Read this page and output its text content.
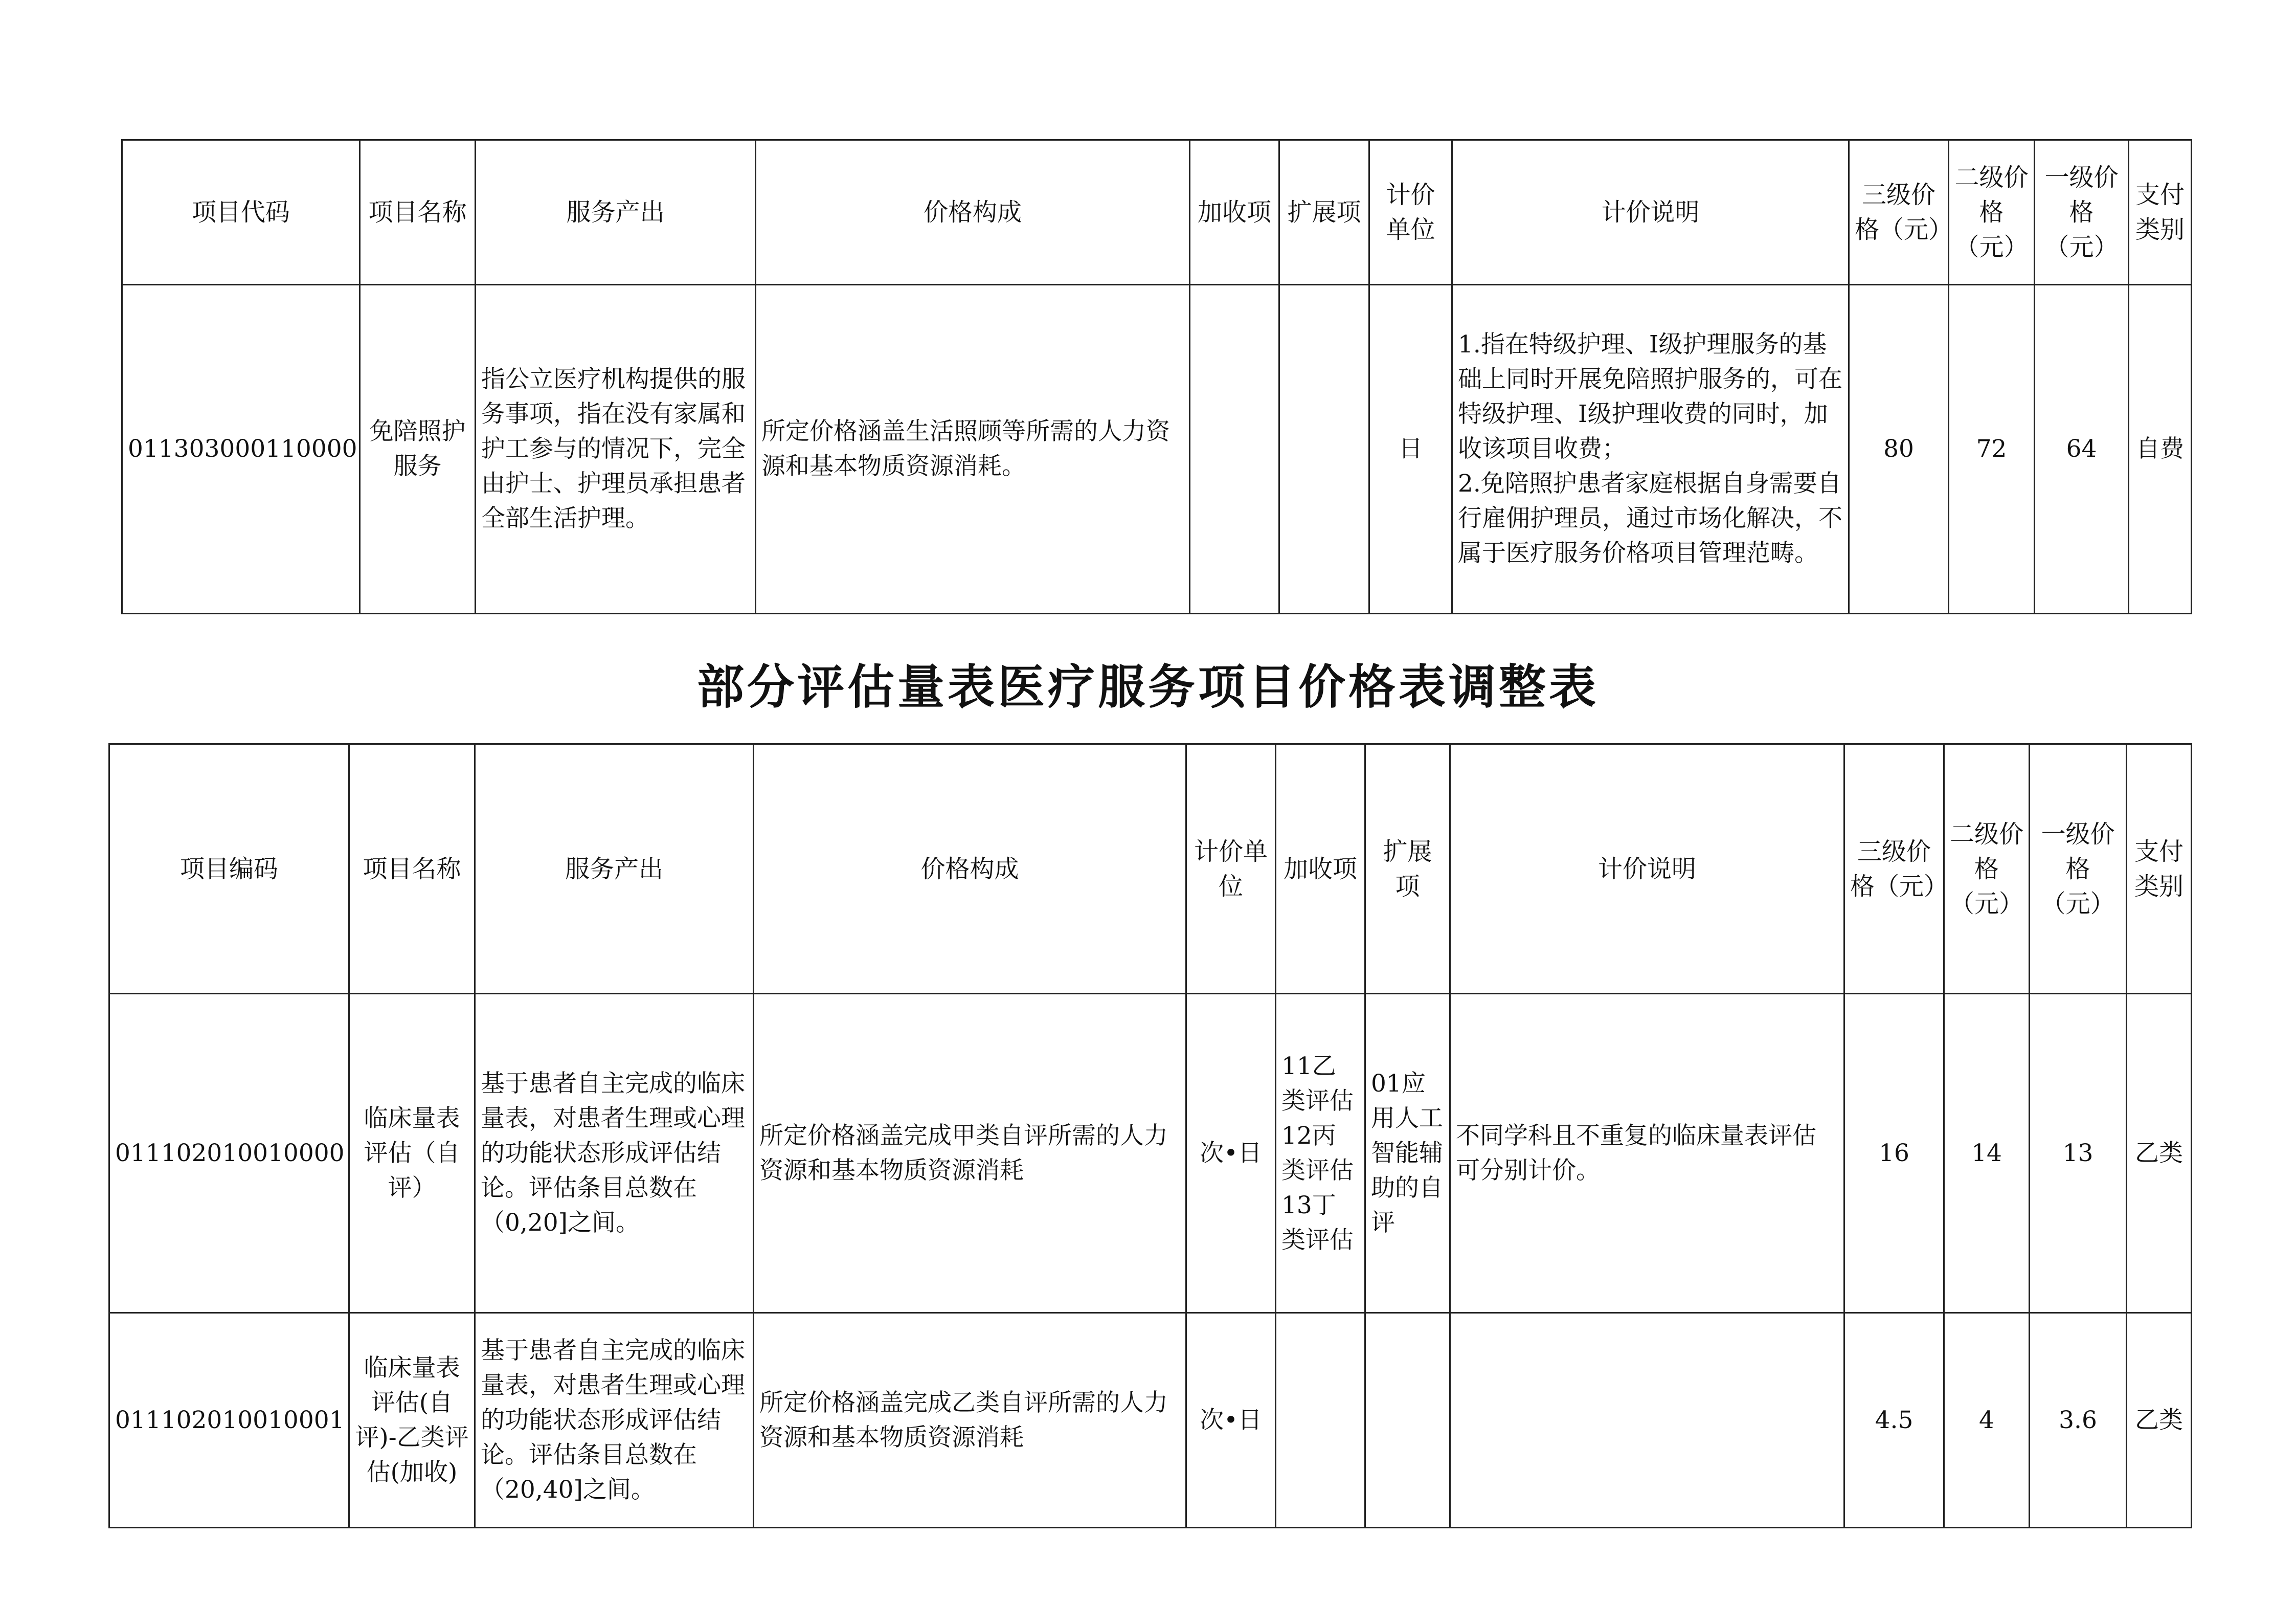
项目代码	项目名称	服务产出	价格构成	加收项	扩展项	计价单位	计价说明	三级价格（元）	二级价格（元）	一级价格（元）	支付类别
011303000110000	免陪照护服务	指公立医疗机构提供的服务事项，指在没有家属和护工参与的情况下，完全由护士、护理员承担患者全部生活护理。	所定价格涵盖生活照顾等所需的人力资源和基本物质资源消耗。			日	1.指在特级护理、I级护理服务的基础上同时开展免陪照护服务的，可在特级护理、I级护理收费的同时，加收该项目收费；
2.免陪照护患者家庭根据自身需要自行雇佣护理员，通过市场化解决，不属于医疗服务价格项目管理范畴。	80	72	64	自费
部分评估量表医疗服务项目价格表调整表
项目编码	项目名称	服务产出	价格构成	计价单位	加收项	扩展项	计价说明	三级价格（元）	二级价格（元）	一级价格（元）	支付类别
011102010010000	临床量表评估（自评）	基于患者自主完成的临床量表，对患者生理或心理的功能状态形成评估结论。评估条目总数在（0,20]之间。	所定价格涵盖完成甲类自评所需的人力资源和基本物质资源消耗	次•日	11乙类评估12丙类评估13丁类评估	01应用人工智能辅助的自评	不同学科且不重复的临床量表评估可分别计价。	16	14	13	乙类
011102010010001	临床量表评估(自评)-乙类评估(加收)	基于患者自主完成的临床量表，对患者生理或心理的功能状态形成评估结论。评估条目总数在（20,40]之间。	所定价格涵盖完成乙类自评所需的人力资源和基本物质资源消耗	次•日				4.5	4	3.6	乙类
